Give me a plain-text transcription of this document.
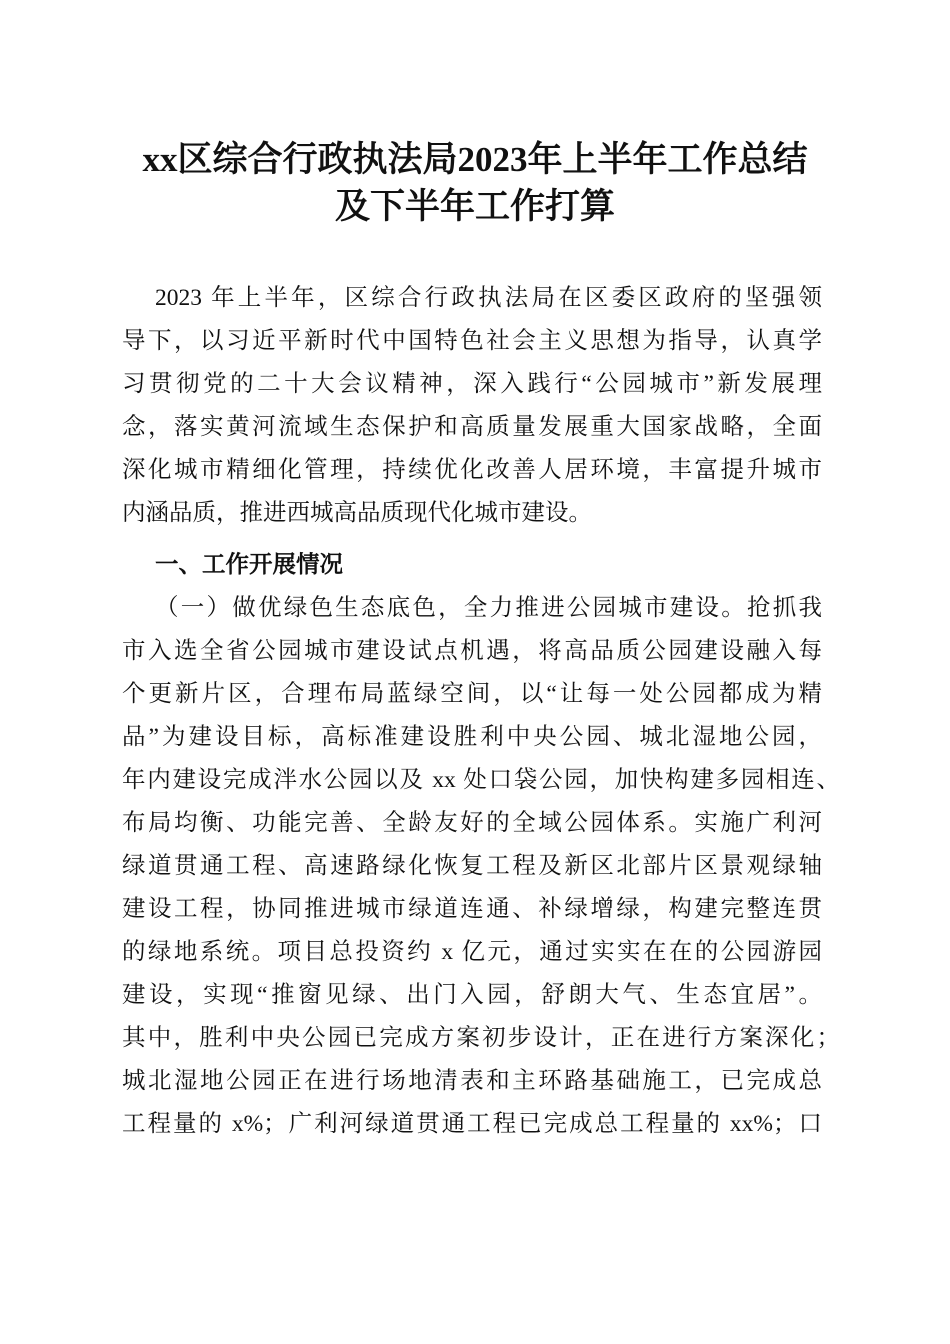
xx区综合行政执法局2023年上半年工作总结
及下半年工作打算
2023 年上半年，区综合行政执法局在区委区政府的坚强领
导下，以习近平新时代中国特色社会主义思想为指导，认真学
习贯彻党的二十大会议精神，深入践行“公园城市”新发展理
念，落实黄河流域生态保护和高质量发展重大国家战略，全面
深化城市精细化管理，持续优化改善人居环境，丰富提升城市
内涵品质，推进西城高品质现代化城市建设。
一、工作开展情况
（一）做优绿色生态底色，全力推进公园城市建设。抢抓我
市入选全省公园城市建设试点机遇，将高品质公园建设融入每
个更新片区，合理布局蓝绿空间，以“让每一处公园都成为精
品”为建设目标，高标准建设胜利中央公园、城北湿地公园，
年内建设完成泮水公园以及 xx 处口袋公园，加快构建多园相连、
布局均衡、功能完善、全龄友好的全域公园体系。实施广利河
绿道贯通工程、高速路绿化恢复工程及新区北部片区景观绿轴
建设工程，协同推进城市绿道连通、补绿增绿，构建完整连贯
的绿地系统。项目总投资约 x 亿元，通过实实在在的公园游园
建设，实现“推窗见绿、出门入园，舒朗大气、生态宜居”。
其中，胜利中央公园已完成方案初步设计，正在进行方案深化；
城北湿地公园正在进行场地清表和主环路基础施工，已完成总
工程量的 x%；广利河绿道贯通工程已完成总工程量的 xx%；口
